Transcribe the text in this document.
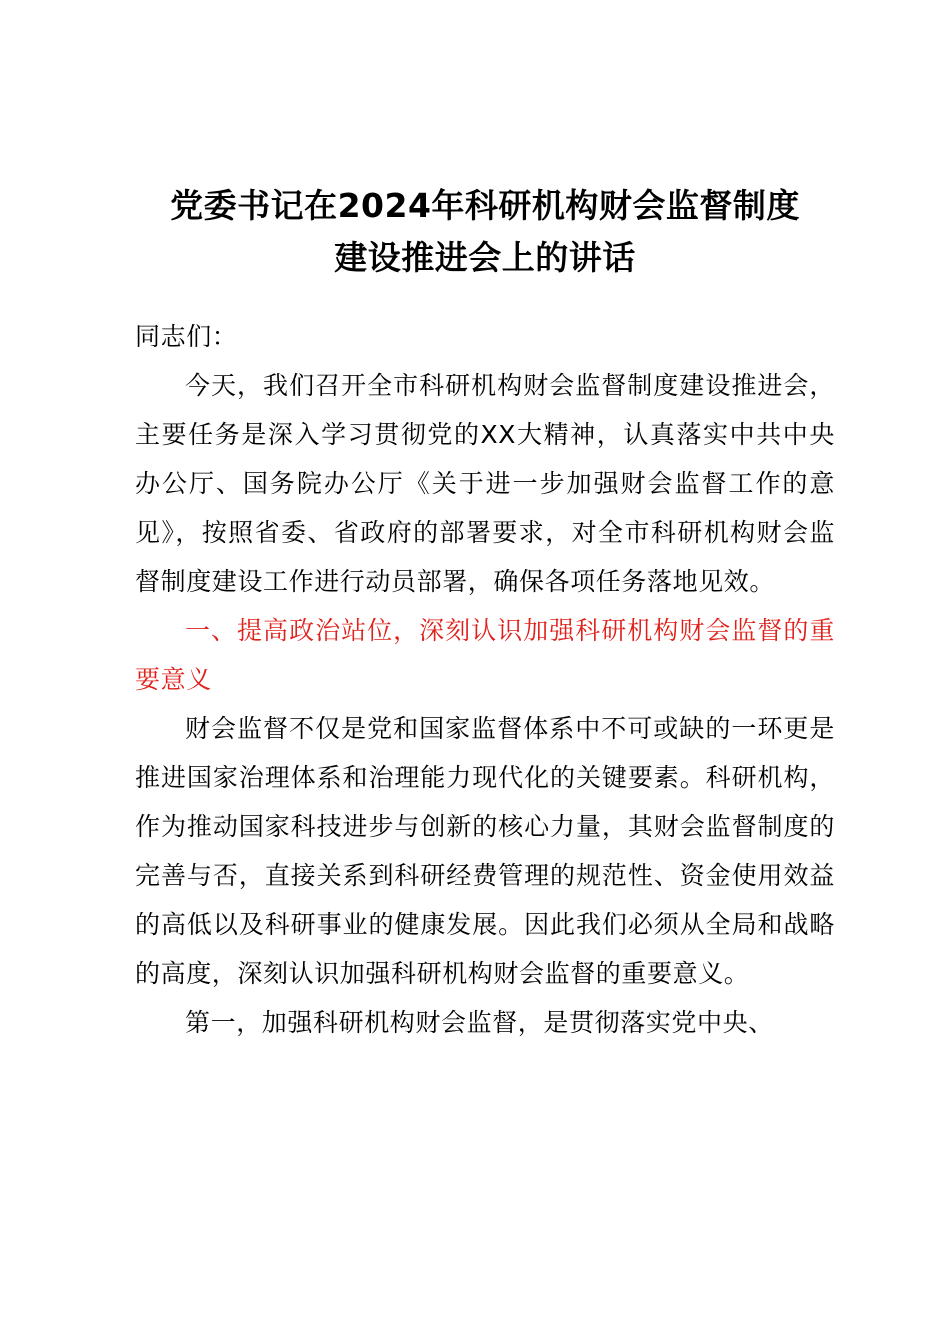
党委书记在2024年科研机构财会监督制度
建设推进会上的讲话

同志们：

今天，我们召开全市科研机构财会监督制度建设推进会，主要任务是深入学习贯彻党的XX大精神，认真落实中共中央办公厅、国务院办公厅《关于进一步加强财会监督工作的意见》，按照省委、省政府的部署要求，对全市科研机构财会监督制度建设工作进行动员部署，确保各项任务落地见效。

一、提高政治站位，深刻认识加强科研机构财会监督的重要意义

财会监督不仅是党和国家监督体系中不可或缺的一环更是推进国家治理体系和治理能力现代化的关键要素。科研机构，作为推动国家科技进步与创新的核心力量，其财会监督制度的完善与否，直接关系到科研经费管理的规范性、资金使用效益的高低以及科研事业的健康发展。因此我们必须从全局和战略的高度，深刻认识加强科研机构财会监督的重要意义。

第一，加强科研机构财会监督，是贯彻落实党中央、
